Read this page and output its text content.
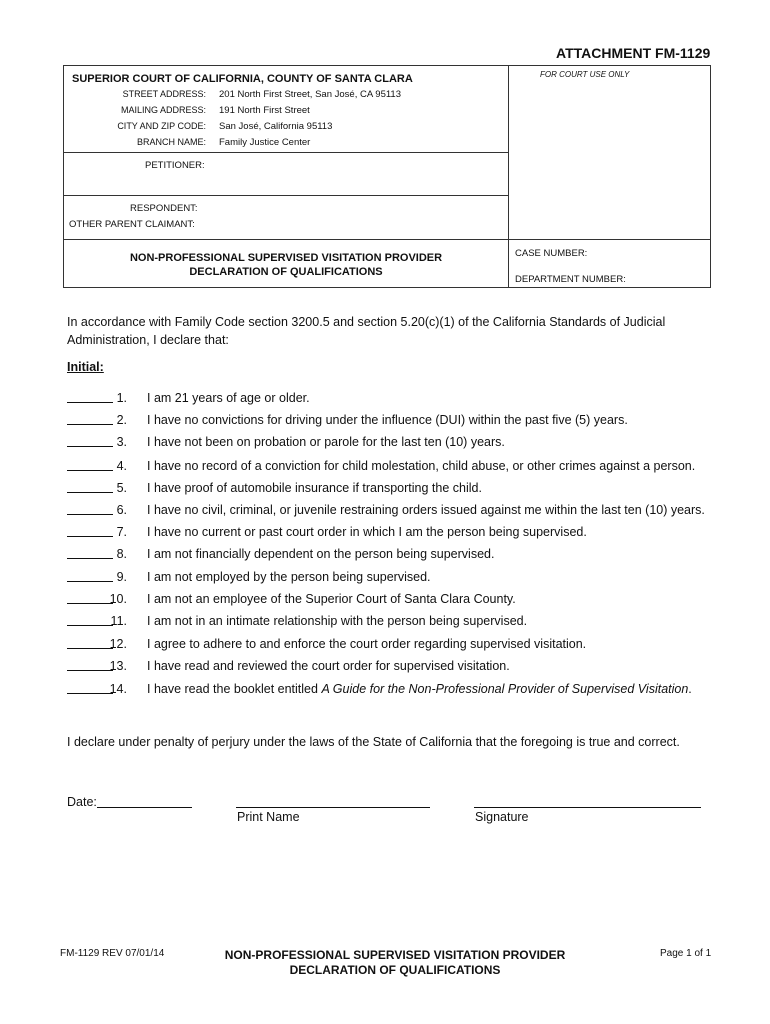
ATTACHMENT FM-1129
FOR COURT USE ONLY
SUPERIOR COURT OF CALIFORNIA, COUNTY OF SANTA CLARA
STREET ADDRESS: 201 North First Street, San José, CA 95113
MAILING ADDRESS: 191 North First Street
CITY AND ZIP CODE: San José, California 95113
BRANCH NAME: Family Justice Center
PETITIONER:
RESPONDENT:
OTHER PARENT CLAIMANT:
NON-PROFESSIONAL SUPERVISED VISITATION PROVIDER
DECLARATION OF QUALIFICATIONS
CASE NUMBER:
DEPARTMENT NUMBER:
In accordance with Family Code section 3200.5 and section 5.20(c)(1) of the California Standards of Judicial
Administration, I declare that:
Initial:
1. I am 21 years of age or older.
2. I have no convictions for driving under the influence (DUI) within the past five (5) years.
3. I have not been on probation or parole for the last ten (10) years.
4. I have no record of a conviction for child molestation, child abuse, or other crimes against a person.
5. I have proof of automobile insurance if transporting the child.
6. I have no civil, criminal, or juvenile restraining orders issued against me within the last ten (10) years.
7. I have no current or past court order in which I am the person being supervised.
8. I am not financially dependent on the person being supervised.
9. I am not employed by the person being supervised.
10. I am not an employee of the Superior Court of Santa Clara County.
11. I am not in an intimate relationship with the person being supervised.
12. I agree to adhere to and enforce the court order regarding supervised visitation.
13. I have read and reviewed the court order for supervised visitation.
14. I have read the booklet entitled A Guide for the Non-Professional Provider of Supervised Visitation.
I declare under penalty of perjury under the laws of the State of California that the foregoing is true and correct.
Date:
Print Name	Signature
FM-1129 REV 07/01/14	NON-PROFESSIONAL SUPERVISED VISITATION PROVIDER
DECLARATION OF QUALIFICATIONS
Page 1 of 1
